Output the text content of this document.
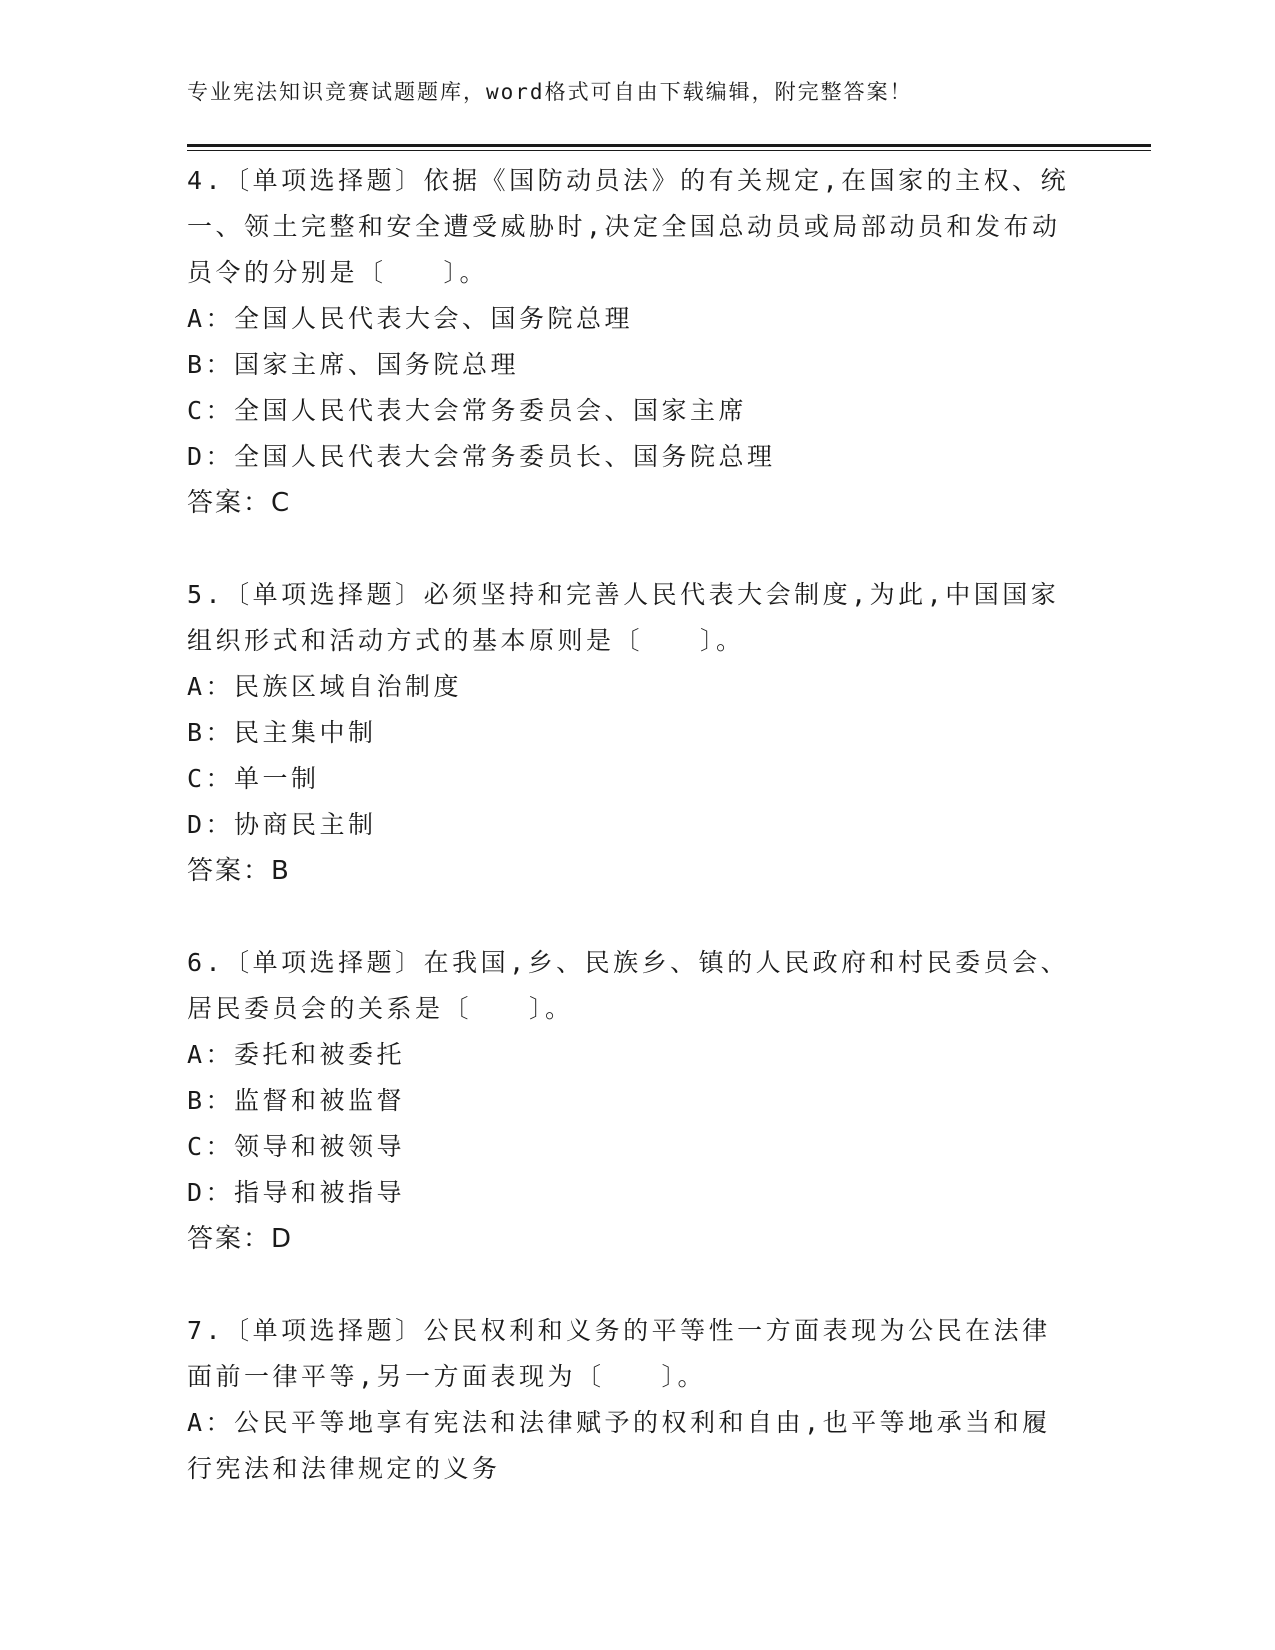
专业宪法知识竞赛试题题库，word格式可自由下载编辑，附完整答案！
4.〔单项选择题〕依据《国防动员法》的有关规定,在国家的主权、统
一、领土完整和安全遭受威胁时,决定全国总动员或局部动员和发布动
员令的分别是〔　　〕。
A：全国人民代表大会、国务院总理
B：国家主席、国务院总理
C：全国人民代表大会常务委员会、国家主席
D：全国人民代表大会常务委员长、国务院总理
答案：C
5.〔单项选择题〕必须坚持和完善人民代表大会制度,为此,中国国家
组织形式和活动方式的基本原则是〔　　〕。
A：民族区域自治制度
B：民主集中制
C：单一制
D：协商民主制
答案：B
6.〔单项选择题〕在我国,乡、民族乡、镇的人民政府和村民委员会、
居民委员会的关系是〔　　〕。
A：委托和被委托
B：监督和被监督
C：领导和被领导
D：指导和被指导
答案：D
7.〔单项选择题〕公民权利和义务的平等性一方面表现为公民在法律
面前一律平等,另一方面表现为〔　　〕。
A：公民平等地享有宪法和法律赋予的权利和自由,也平等地承当和履
行宪法和法律规定的义务
